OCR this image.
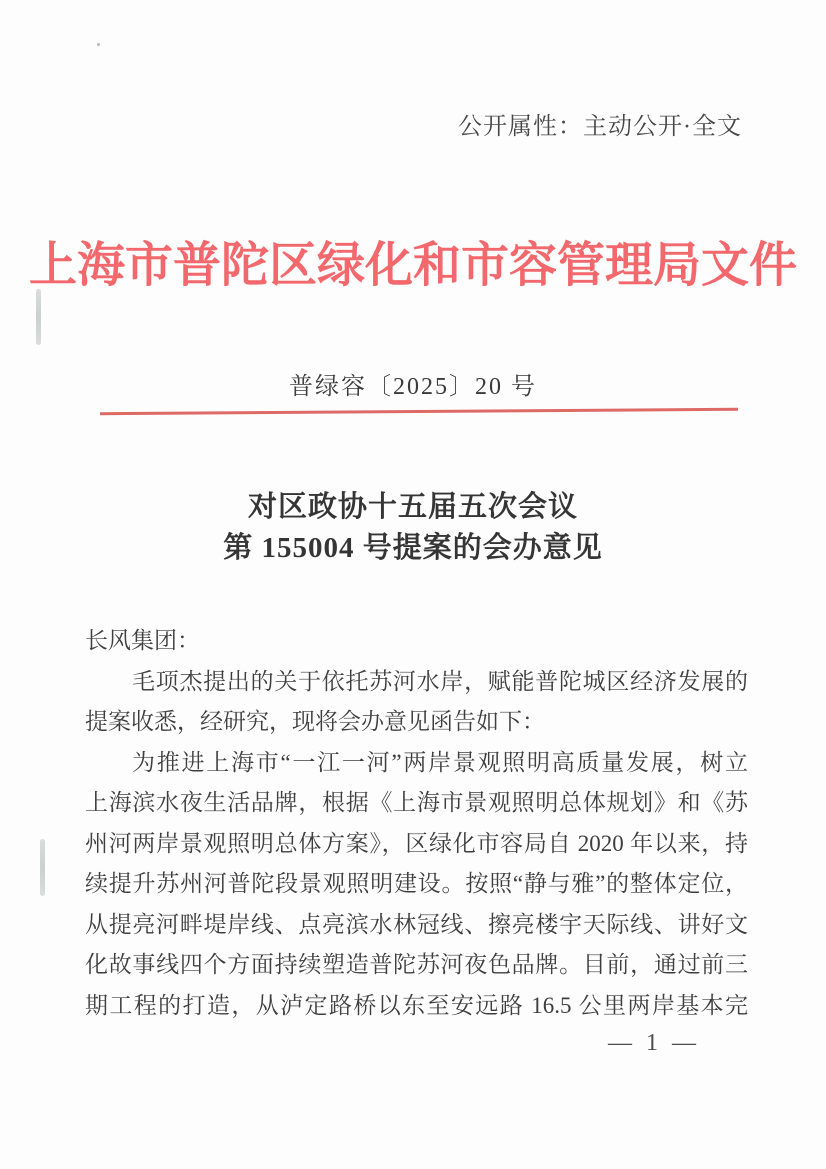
公开属性：主动公开·全文
上海市普陀区绿化和市容管理局文件
普绿容〔2025〕20 号
对区政协十五届五次会议
第 155004 号提案的会办意见
长风集团：
毛项杰提出的关于依托苏河水岸，赋能普陀城区经济发展的
提案收悉，经研究，现将会办意见函告如下：
为推进上海市“一江一河”两岸景观照明高质量发展，树立
上海滨水夜生活品牌，根据《上海市景观照明总体规划》和《苏
州河两岸景观照明总体方案》，区绿化市容局自 2020 年以来，持
续提升苏州河普陀段景观照明建设。按照“静与雅”的整体定位，
从提亮河畔堤岸线、点亮滨水林冠线、擦亮楼宇天际线、讲好文
化故事线四个方面持续塑造普陀苏河夜色品牌。目前，通过前三
期工程的打造，从泸定路桥以东至安远路 16.5 公里两岸基本完
— 1 —
